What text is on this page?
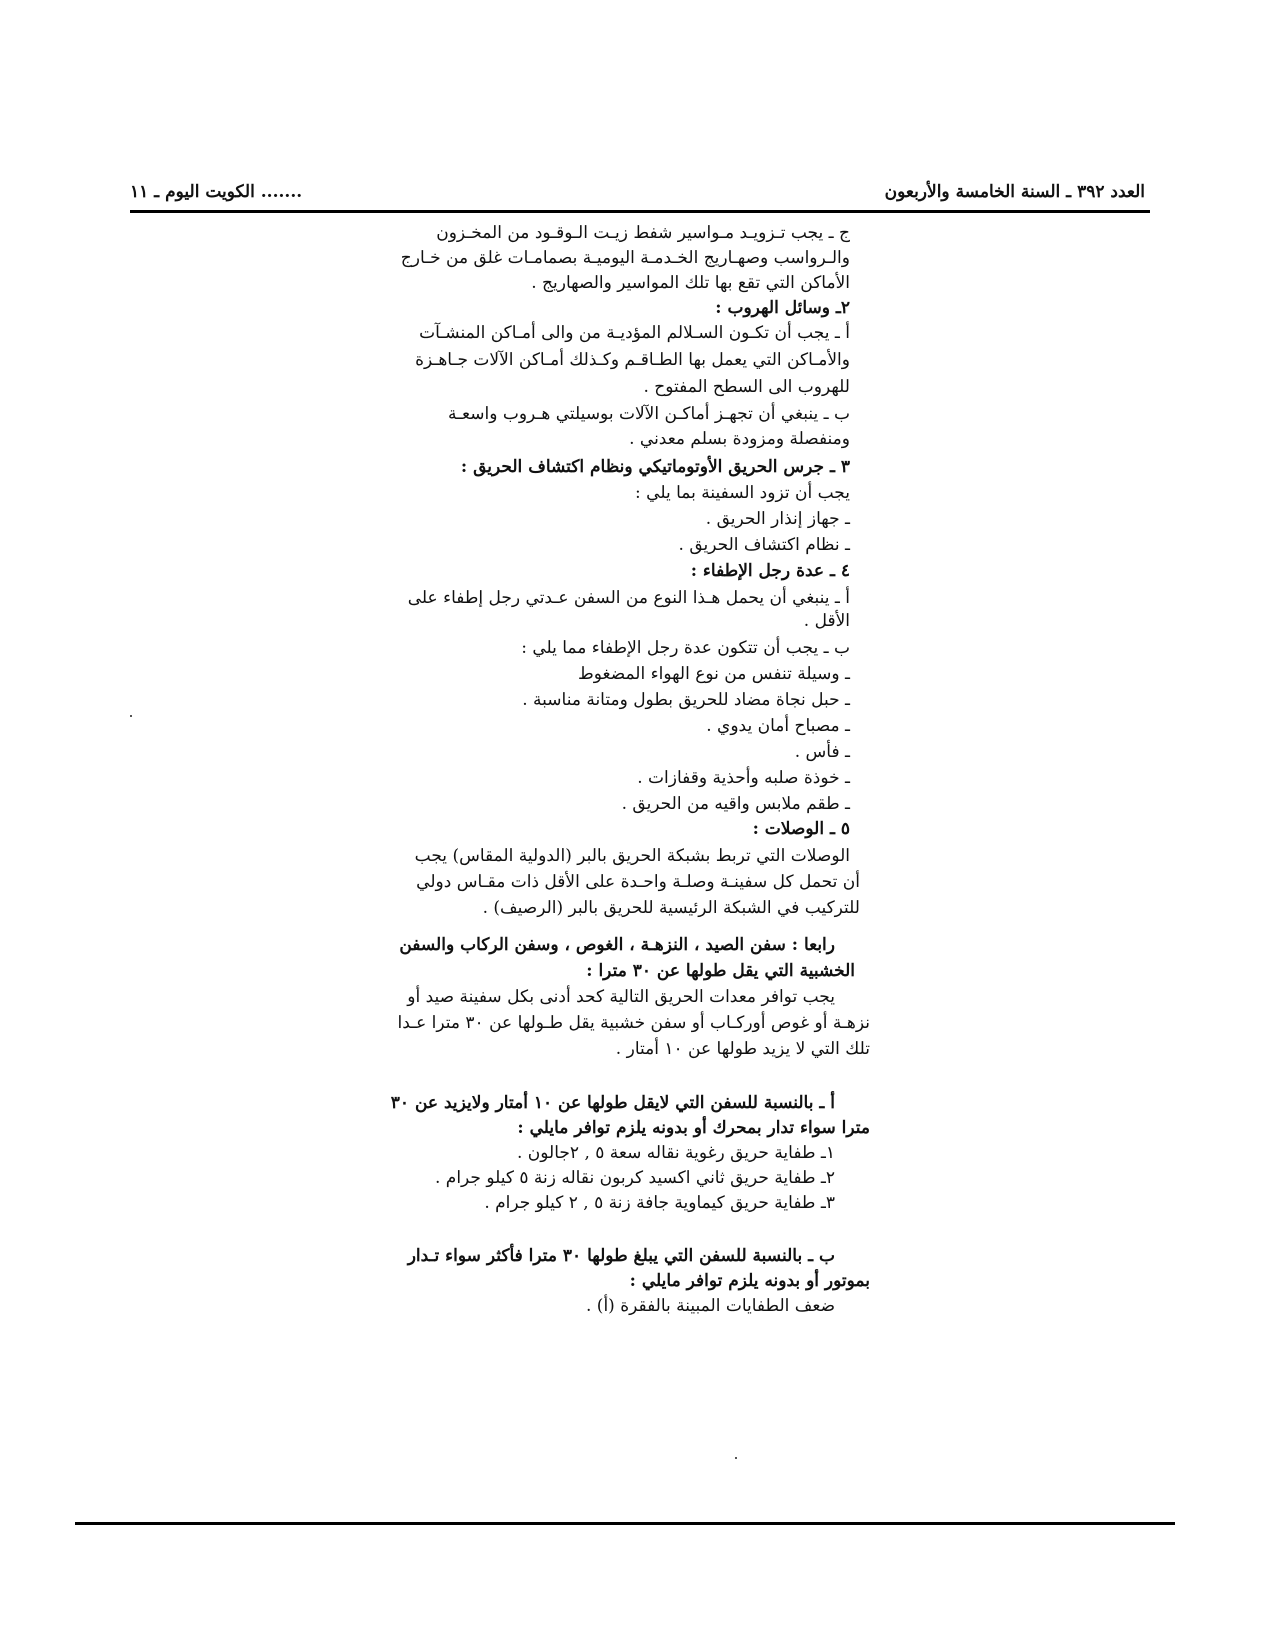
العدد ٣٩٢ ـ السنة الخامسة والأربعون
....... الكويت اليوم ـ ١١
ج ـ يجب تـزويـد مـواسير شفط زيـت الـوقـود من المخـزون
والـرواسب وصهـاريج الخـدمـة اليوميـة بصمامـات غلق من خـارج
الأماكن التي تقع بها تلك المواسير والصهاريج .
٢ـ وسائل الهروب :
أ ـ يجب أن تكـون السـلالم المؤديـة من والى أمـاكن المنشـآت
والأمـاكن التي يعمل بها الطـاقـم وكـذلك أمـاكن الآلات جـاهـزة
للهروب الى السطح المفتوح .
ب ـ ينبغي أن تجهـز أماكـن الآلات بوسيلتي هـروب واسعـة
ومنفصلة ومزودة بسلم معدني .
٣ ـ جرس الحريق الأوتوماتيكي ونظام اكتشاف الحريق :
يجب أن تزود السفينة بما يلي :
ـ جهاز إنذار الحريق .
ـ نظام اكتشاف الحريق .
٤ ـ عدة رجل الإطفاء :
أ ـ ينبغي أن يحمل هـذا النوع من السفن عـدتي رجل إطفاء على
الأقل .
ب ـ يجب أن تتكون عدة رجل الإطفاء مما يلي :
ـ وسيلة تنفس من نوع الهواء المضغوط
ـ حبل نجاة مضاد للحريق بطول ومتانة مناسبة .
ـ مصباح أمان يدوي .
ـ فأس .
ـ خوذة صلبه وأحذية وقفازات .
ـ طقم ملابس واقيه من الحريق .
٥ ـ الوصلات :
الوصلات التي تربط بشبكة الحريق بالبر (الدولية المقاس) يجب
أن تحمل كل سفينـة وصلـة واحـدة على الأقل ذات مقـاس دولي
للتركيب في الشبكة الرئيسية للحريق بالبر (الرصيف) .
رابعا : سفن الصيد ، النزهـة ، الغوص ، وسفن الركاب والسفن
الخشبية التي يقل طولها عن ٣٠ مترا :
يجب توافر معدات الحريق التالية كحد أدنى بكل سفينة صيد أو
نزهـة أو غوص أوركـاب أو سفن خشبية يقل طـولها عن ٣٠ مترا عـدا
تلك التي لا يزيد طولها عن ١٠ أمتار .
أ ـ بالنسبة للسفن التي لايقل طولها عن ١٠ أمتار ولايزيد عن ٣٠
مترا سواء تدار بمحرك أو بدونه يلزم توافر مايلي :
١ـ طفاية حريق رغوية نقاله سعة ٥ , ٢جالون .
٢ـ طفاية حريق ثاني اكسيد كربون نقاله زنة ٥ كيلو جرام .
٣ـ طفاية حريق كيماوية جافة زنة ٥ , ٢ كيلو جرام .
ب ـ بالنسبة للسفن التي يبلغ طولها ٣٠ مترا فأكثر سواء تـدار
بموتور أو بدونه يلزم توافر مايلي :
ضعف الطفايات المبينة بالفقرة (أ) .
